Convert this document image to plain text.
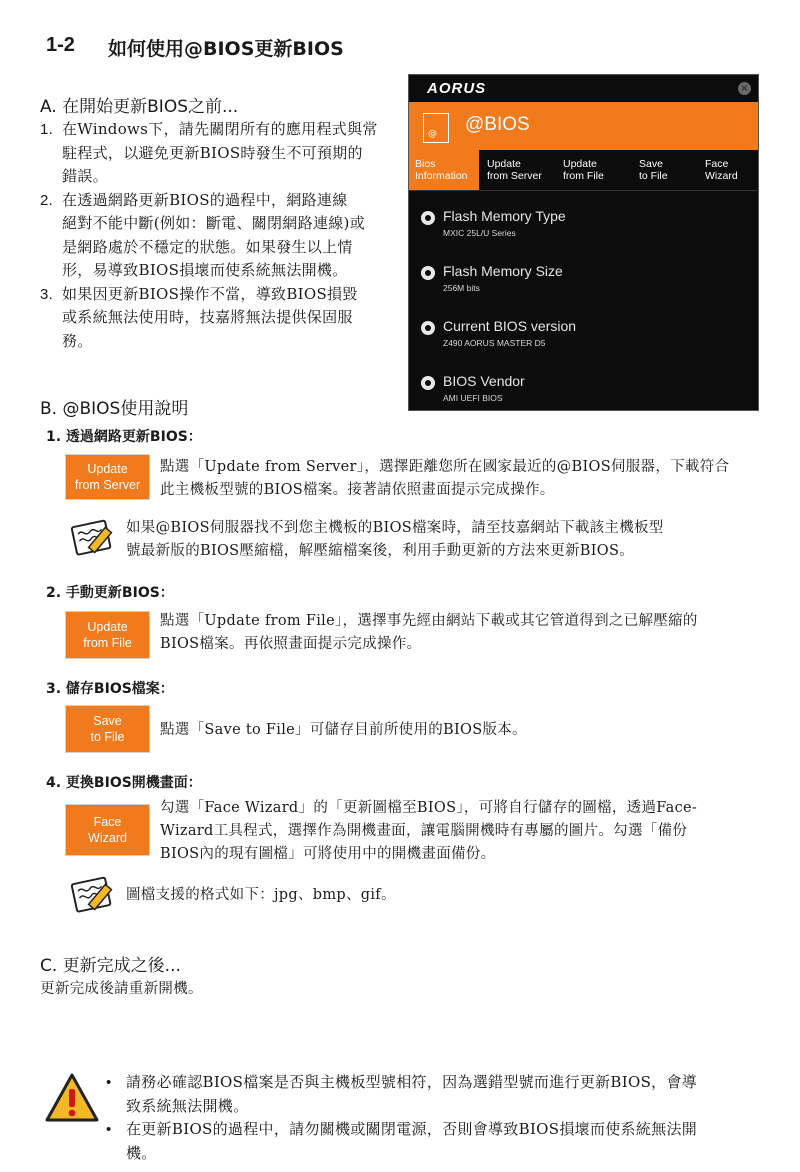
1-2 如何使用@BIOS更新BIOS
A. 在開始更新BIOS之前...
1. 在Windows下，請先關閉所有的應用程式與常
駐程式，以避免更新BIOS時發生不可預期的
錯誤。
2. 在透過網路更新BIOS的過程中，網路連線
絕對不能中斷(例如：斷電、關閉網路連線)或
是網路處於不穩定的狀態。如果發生以上情
形，易導致BIOS損壞而使系統無法開機。
3. 如果因更新BIOS操作不當，導致BIOS損毀
或系統無法使用時，技嘉將無法提供保固服
務。
AORUS	×
@ @BIOS
Bios
Information
Update
from Server
Update
from File
Save
to File
Face
Wizard
Flash Memory Type
MXIC 25L/U Series
Flash Memory Size
256M bits
Current BIOS version
Z490 AORUS MASTER D5
BIOS Vendor
AMI UEFI BIOS
B. @BIOS使用說明
1. 透過網路更新BIOS：
Update
from Server
點選「Update from Server」，選擇距離您所在國家最近的@BIOS伺服器，下載符合
此主機板型號的BIOS檔案。接著請依照畫面提示完成操作。
如果@BIOS伺服器找不到您主機板的BIOS檔案時，請至技嘉網站下載該主機板型
號最新版的BIOS壓縮檔，解壓縮檔案後，利用手動更新的方法來更新BIOS。
2. 手動更新BIOS：
Update
from File
點選「Update from File」，選擇事先經由網站下載或其它管道得到之已解壓縮的
BIOS檔案。再依照畫面提示完成操作。
3. 儲存BIOS檔案：
Save
to File 點選「Save to File」可儲存目前所使用的BIOS版本。
4. 更換BIOS開機畫面：
Face
Wizard
勾選「Face Wizard」的「更新圖檔至BIOS」，可將自行儲存的圖檔，透過Face-
Wizard工具程式，選擇作為開機畫面，讓電腦開機時有專屬的圖片。勾選「備份
BIOS內的現有圖檔」可將使用中的開機畫面備份。
圖檔支援的格式如下：jpg、bmp、gif。
C. 更新完成之後...
更新完成後請重新開機。
• 請務必確認BIOS檔案是否與主機板型號相符，因為選錯型號而進行更新BIOS，會導
致系統無法開機。
• 在更新BIOS的過程中，請勿關機或關閉電源，否則會導致BIOS損壞而使系統無法開
機。
